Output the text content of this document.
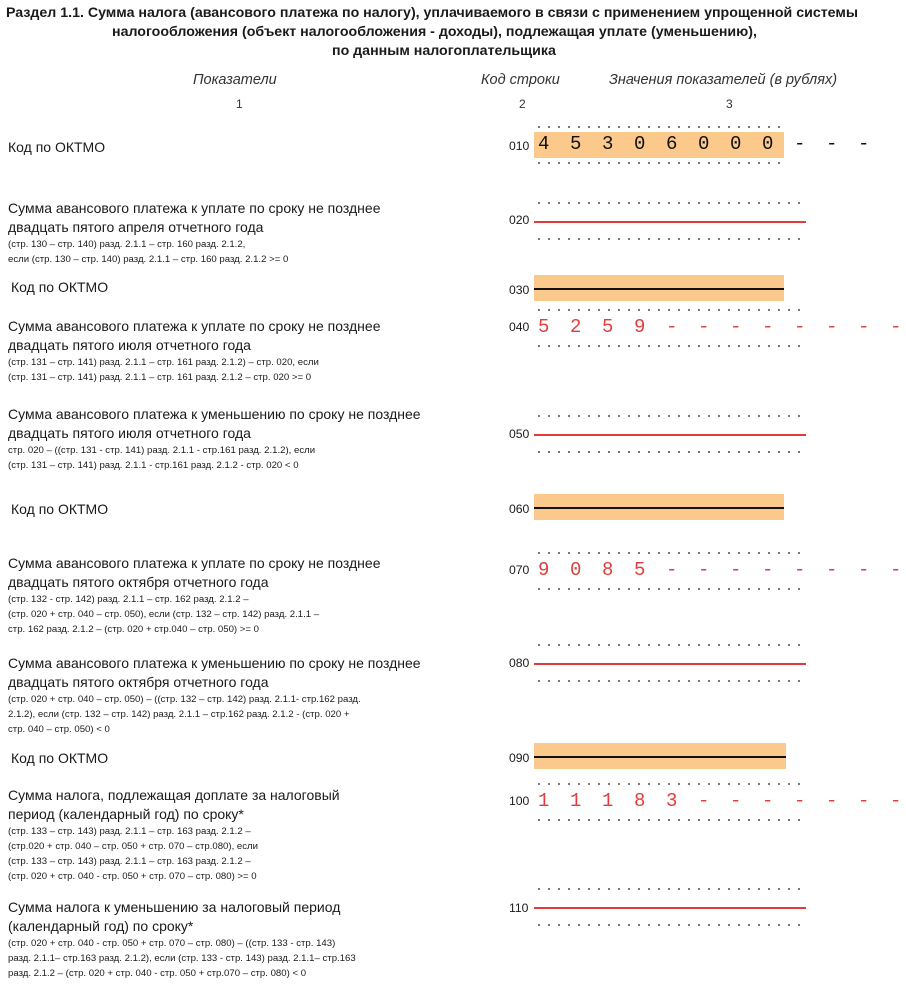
Раздел 1.1. Сумма налога (авансового платежа по налогу), уплачиваемого в связи с применением упрощенной системы
налогообложения (объект налогообложения - доходы), подлежащая уплате (уменьшению),
по данным налогоплательщика
Показатели	Код строки	Значения показателей (в рублях)
1	2	3
Код по ОКТМО	010 4 5 3 0 6 0 0 0 - - -
Сумма авансового платежа к уплате по сроку не позднее
двадцать пятого апреля отчетного года
(стр. 130 – стр. 140) разд. 2.1.1 – стр. 160 разд. 2.1.2,
если (стр. 130 – стр. 140) разд. 2.1.1 – стр. 160 разд. 2.1.2 >= 0
020
Код по ОКТМО	030
Сумма авансового платежа к уплате по сроку не позднее
двадцать пятого июля отчетного года
(стр. 131 – стр. 141) разд. 2.1.1 – стр. 161 разд. 2.1.2) – стр. 020, если
(стр. 131 – стр. 141) разд. 2.1.1 – стр. 161 разд. 2.1.2 – стр. 020 >= 0
040 5 2 5 9 - - - - - - - -
Сумма авансового платежа к уменьшению по сроку не позднее
двадцать пятого июля отчетного года
стр. 020 – ((стр. 131 - стр. 141) разд. 2.1.1 - стр.161 разд. 2.1.2), если
(стр. 131 – стр. 141) разд. 2.1.1 - стр.161 разд. 2.1.2 - стр. 020 < 0
050
Код по ОКТМО	060
Сумма авансового платежа к уплате по сроку не позднее
двадцать пятого октября отчетного года
(стр. 132 - стр. 142) разд. 2.1.1 – стр. 162 разд. 2.1.2 –
(стр. 020 + стр. 040 – стр. 050), если (стр. 132 – стр. 142) разд. 2.1.1 –
стр. 162 разд. 2.1.2 – (стр. 020 + стр.040 – стр. 050) >= 0
070 9 0 8 5 - - - - - - - -
Сумма авансового платежа к уменьшению по сроку не позднее
двадцать пятого октября отчетного года
(стр. 020 + стр. 040 – стр. 050) – ((стр. 132 – стр. 142) разд. 2.1.1- стр.162 разд.
2.1.2), если (стр. 132 – стр. 142) разд. 2.1.1 – стр.162 разд. 2.1.2 - (стр. 020 +
стр. 040 – стр. 050) < 0
080
Код по ОКТМО	090
Сумма налога, подлежащая доплате за налоговый
период (календарный год) по сроку*
(стр. 133 – стр. 143) разд. 2.1.1 – стр. 163 разд. 2.1.2 –
(стр.020 + стр. 040 – стр. 050 + стр. 070 – стр.080), если
(стр. 133 – стр. 143) разд. 2.1.1 – стр. 163 разд. 2.1.2 –
(стр. 020 + стр. 040 - стр. 050 + стр. 070 – стр. 080) >= 0
100 1 1 1 8 3 - - - - - - -
Сумма налога к уменьшению за налоговый период
(календарный год) по сроку*
(стр. 020 + стр. 040 - стр. 050 + стр. 070 – стр. 080) – ((стр. 133 - стр. 143)
разд. 2.1.1– стр.163 разд. 2.1.2), если (стр. 133 - стр. 143) разд. 2.1.1– стр.163
разд. 2.1.2 – (стр. 020 + стр. 040 - стр. 050 + стр.070 – стр. 080) < 0
110
